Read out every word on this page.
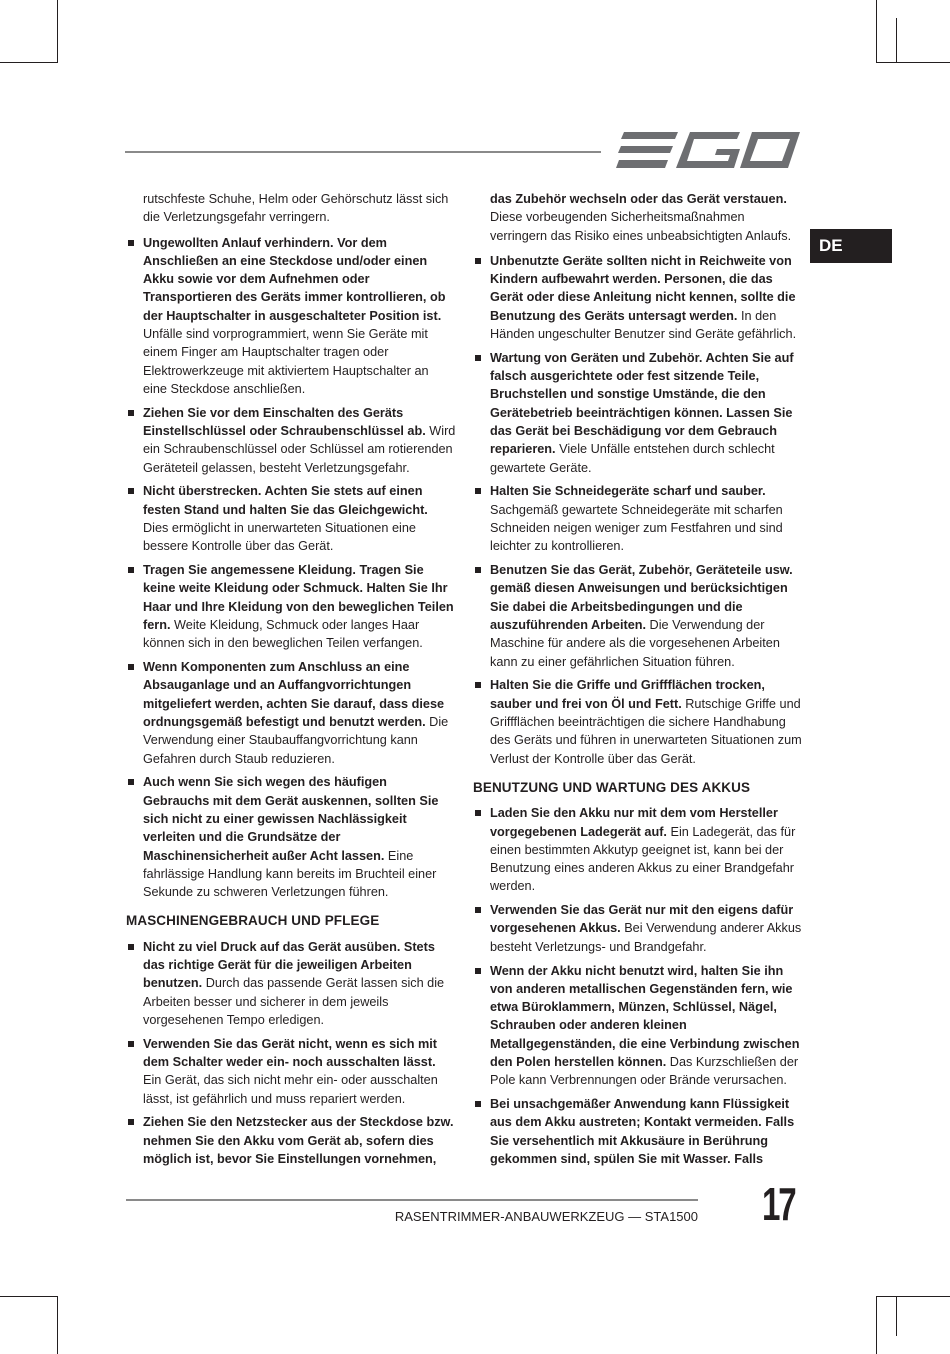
DE

rutschfeste Schuhe, Helm oder Gehörschutz lässt sich die Verletzungsgefahr verringern.

Ungewollten Anlauf verhindern. Vor dem Anschließen an eine Steckdose und/oder einen Akku sowie vor dem Aufnehmen oder Transportieren des Geräts immer kontrollieren, ob der Hauptschalter in ausgeschalteter Position ist. Unfälle sind vorprogrammiert, wenn Sie Geräte mit einem Finger am Hauptschalter tragen oder Elektrowerkzeuge mit aktiviertem Hauptschalter an eine Steckdose anschließen.
Ziehen Sie vor dem Einschalten des Geräts Einstellschlüssel oder Schraubenschlüssel ab. Wird ein Schraubenschlüssel oder Schlüssel am rotierenden Geräteteil gelassen, besteht Verletzungsgefahr.
Nicht überstrecken. Achten Sie stets auf einen festen Stand und halten Sie das Gleichgewicht. Dies ermöglicht in unerwarteten Situationen eine bessere Kontrolle über das Gerät.
Tragen Sie angemessene Kleidung. Tragen Sie keine weite Kleidung oder Schmuck. Halten Sie Ihr Haar und Ihre Kleidung von den beweglichen Teilen fern. Weite Kleidung, Schmuck oder langes Haar können sich in den beweglichen Teilen verfangen.
Wenn Komponenten zum Anschluss an eine Absauganlage und an Auffangvorrichtungen mitgeliefert werden, achten Sie darauf, dass diese ordnungsgemäß befestigt und benutzt werden. Die Verwendung einer Staubauffangvorrichtung kann Gefahren durch Staub reduzieren.
Auch wenn Sie sich wegen des häufigen Gebrauchs mit dem Gerät auskennen, sollten Sie sich nicht zu einer gewissen Nachlässigkeit verleiten und die Grundsätze der Maschinensicherheit außer Acht lassen. Eine fahrlässige Handlung kann bereits im Bruchteil einer Sekunde zu schweren Verletzungen führen.
MASCHINENGEBRAUCH UND PFLEGE
Nicht zu viel Druck auf das Gerät ausüben. Stets das richtige Gerät für die jeweiligen Arbeiten benutzen. Durch das passende Gerät lassen sich die Arbeiten besser und sicherer in dem jeweils vorgesehenen Tempo erledigen.
Verwenden Sie das Gerät nicht, wenn es sich mit dem Schalter weder ein- noch ausschalten lässt. Ein Gerät, das sich nicht mehr ein- oder ausschalten lässt, ist gefährlich und muss repariert werden.
Ziehen Sie den Netzstecker aus der Steckdose bzw. nehmen Sie den Akku vom Gerät ab, sofern dies möglich ist, bevor Sie Einstellungen vornehmen,

das Zubehör wechseln oder das Gerät verstauen. Diese vorbeugenden Sicherheitsmaßnahmen verringern das Risiko eines unbeabsichtigten Anlaufs.

Unbenutzte Geräte sollten nicht in Reichweite von Kindern aufbewahrt werden. Personen, die das Gerät oder diese Anleitung nicht kennen, sollte die Benutzung des Geräts untersagt werden. In den Händen ungeschulter Benutzer sind Geräte gefährlich.
Wartung von Geräten und Zubehör. Achten Sie auf falsch ausgerichtete oder fest sitzende Teile, Bruchstellen und sonstige Umstände, die den Gerätebetrieb beeinträchtigen können. Lassen Sie das Gerät bei Beschädigung vor dem Gebrauch reparieren. Viele Unfälle entstehen durch schlecht gewartete Geräte.
Halten Sie Schneidegeräte scharf und sauber. Sachgemäß gewartete Schneidegeräte mit scharfen Schneiden neigen weniger zum Festfahren und sind leichter zu kontrollieren.
Benutzen Sie das Gerät, Zubehör, Geräteteile usw. gemäß diesen Anweisungen und berücksichtigen Sie dabei die Arbeitsbedingungen und die auszuführenden Arbeiten. Die Verwendung der Maschine für andere als die vorgesehenen Arbeiten kann zu einer gefährlichen Situation führen.
Halten Sie die Griffe und Griffflächen trocken, sauber und frei von Öl und Fett. Rutschige Griffe und Griffflächen beeinträchtigen die sichere Handhabung des Geräts und führen in unerwarteten Situationen zum Verlust der Kontrolle über das Gerät.
BENUTZUNG UND WARTUNG DES AKKUS
Laden Sie den Akku nur mit dem vom Hersteller vorgegebenen Ladegerät auf. Ein Ladegerät, das für einen bestimmten Akkutyp geeignet ist, kann bei der Benutzung eines anderen Akkus zu einer Brandgefahr werden.
Verwenden Sie das Gerät nur mit den eigens dafür vorgesehenen Akkus. Bei Verwendung anderer Akkus besteht Verletzungs- und Brandgefahr.
Wenn der Akku nicht benutzt wird, halten Sie ihn von anderen metallischen Gegenständen fern, wie etwa Büroklammern, Münzen, Schlüssel, Nägel, Schrauben oder anderen kleinen Metallgegenständen, die eine Verbindung zwischen den Polen herstellen können. Das Kurzschließen der Pole kann Verbrennungen oder Brände verursachen.
Bei unsachgemäßer Anwendung kann Flüssigkeit aus dem Akku austreten; Kontakt vermeiden. Falls Sie versehentlich mit Akkusäure in Berührung gekommen sind, spülen Sie mit Wasser. Falls
RASENTRIMMER-ANBAUWERKZEUG — STA1500 17
